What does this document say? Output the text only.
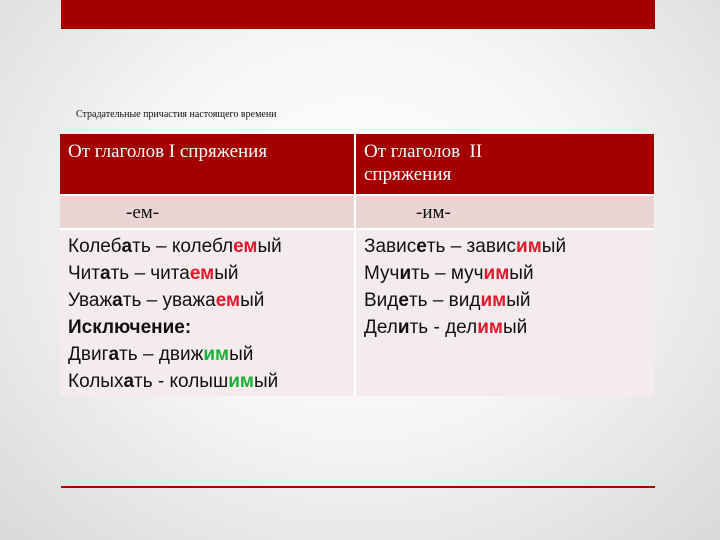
Страдательные причастия настоящего времени
От глаголов I спряжения	От глаголов  II
спряжения
-ем-	-им-
Колебать – колеблемый
Читать – читаемый
Уважать – уважаемый
Исключение:
Двигать – движимый
Колыхать - колышимый
Зависеть – зависимый
Мучить – мучимый
Видеть – видимый
Делить - делимый
